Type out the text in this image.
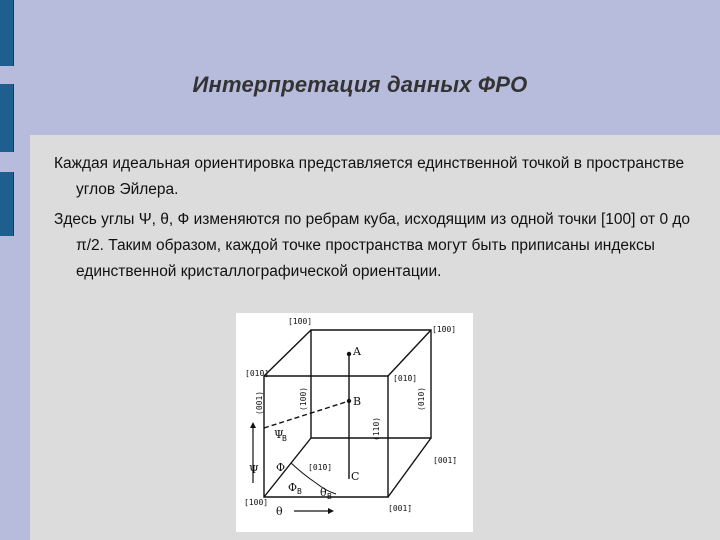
Интерпретация данных ФРО
Каждая идеальная ориентировка представляется единственной точкой в пространстве углов Эйлера.
Здесь углы Ψ, θ, Ф изменяются по ребрам куба, исходящим из одной точки [100] от 0 до π/2. Таким образом, каждой точке пространства могут быть приписаны индексы единственной кристаллографической ориентации.
A
B
C
[1̄00]
[1̄00]
[01̄0]
[01̄0]
[01̄0]
[100]
[001̄]
[001̄]
(001)	(100)
(110)
(010)
Ψ
Ψ
B
Φ
Φ B
θ
θ B
